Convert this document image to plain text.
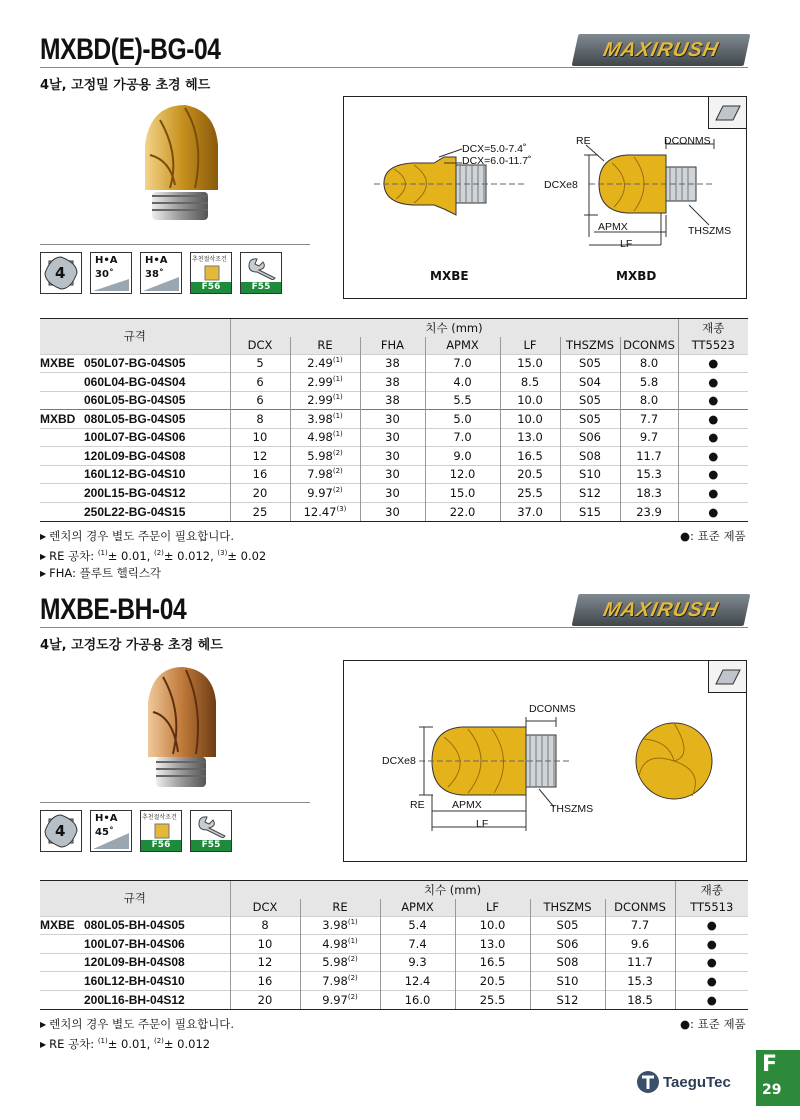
MXBD(E)-BG-04	MAXIRUSH
4날, 고정밀 가공용 초경 헤드
4
H•A
30˚
H•A
38˚
추천절삭조건
F56	F55
DCX=5.0-7.4˚
DCX=6.0-11.7˚
RE	DCONMS
DCXe8
APMX
LF
THSZMS
MXBE	MXBD
규격	치수 (mm)							재종
	DCX	RE	FHA	APMX	LF	THSZMS	DCONMS	TT5523
MXBE 050L07-BG-04S05	5	2.49$^{(1)}$	38	7.0	15.0	S05	8.0	●
060L04-BG-04S04	6	2.99$^{(1)}$	38	4.0	8.5	S04	5.8	●
060L05-BG-04S05	6	2.99$^{(1)}$	38	5.5	10.0	S05	8.0	●
MXBD 080L05-BG-04S05	8	3.98$^{(1)}$	30	5.0	10.0	S05	7.7	●
100L07-BG-04S06	10	4.98$^{(1)}$	30	7.0	13.0	S06	9.7	●
120L09-BG-04S08	12	5.98$^{(2)}$	30	9.0	16.5	S08	11.7	●
160L12-BG-04S10	16	7.98$^{(2)}$	30	12.0	20.5	S10	15.3	●
200L15-BG-04S12	20	9.97$^{(2)}$	30	15.0	25.5	S12	18.3	●
250L22-BG-04S15	25	12.47$^{(3)}$	30	22.0	37.0	S15	23.9	●
▶ 렌치의 경우 별도 주문이 필요합니다.
▶ RE 공차: $^{(1)}$± 0.01, $^{(2)}$± 0.012, $^{(3)}$± 0.02
▶ FHA: 플루트 헬릭스각
●: 표준 제품
MXBE-BH-04	MAXIRUSH
4날, 고경도강 가공용 초경 헤드
4
H•A
45˚
추천절삭조건
F56	F55
DCONMS
DCXe8
RE	APMX
LF
THSZMS
규격	치수 (mm)						재종
	DCX	RE	APMX	LF	THSZMS	DCONMS	TT5513
MXBE 080L05-BH-04S05	8	3.98$^{(1)}$	5.4	10.0	S05	7.7	●
100L07-BH-04S06	10	4.98$^{(1)}$	7.4	13.0	S06	9.6	●
120L09-BH-04S08	12	5.98$^{(2)}$	9.3	16.5	S08	11.7	●
160L12-BH-04S10	16	7.98$^{(2)}$	12.4	20.5	S10	15.3	●
200L16-BH-04S12	20	9.97$^{(2)}$	16.0	25.5	S12	18.5	●
▶ 렌치의 경우 별도 주문이 필요합니다.
▶ RE 공차: $^{(1)}$± 0.01, $^{(2)}$± 0.012
●: 표준 제품
TaeguTec
F
29
